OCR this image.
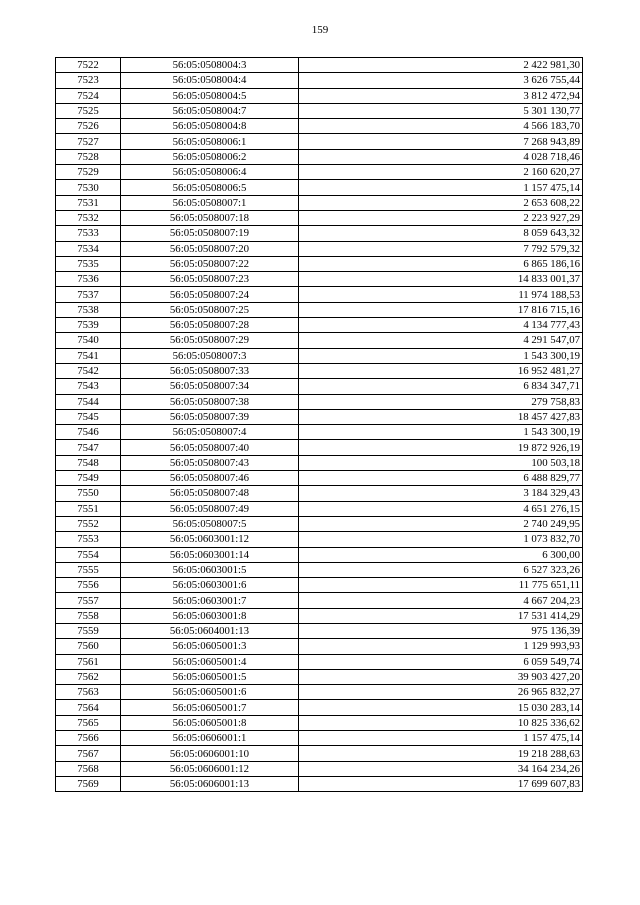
159
7522	56:05:0508004:3	2 422 981,30
7523	56:05:0508004:4	3 626 755,44
7524	56:05:0508004:5	3 812 472,94
7525	56:05:0508004:7	5 301 130,77
7526	56:05:0508004:8	4 566 183,70
7527	56:05:0508006:1	7 268 943,89
7528	56:05:0508006:2	4 028 718,46
7529	56:05:0508006:4	2 160 620,27
7530	56:05:0508006:5	1 157 475,14
7531	56:05:0508007:1	2 653 608,22
7532	56:05:0508007:18	2 223 927,29
7533	56:05:0508007:19	8 059 643,32
7534	56:05:0508007:20	7 792 579,32
7535	56:05:0508007:22	6 865 186,16
7536	56:05:0508007:23	14 833 001,37
7537	56:05:0508007:24	11 974 188,53
7538	56:05:0508007:25	17 816 715,16
7539	56:05:0508007:28	4 134 777,43
7540	56:05:0508007:29	4 291 547,07
7541	56:05:0508007:3	1 543 300,19
7542	56:05:0508007:33	16 952 481,27
7543	56:05:0508007:34	6 834 347,71
7544	56:05:0508007:38	279 758,83
7545	56:05:0508007:39	18 457 427,83
7546	56:05:0508007:4	1 543 300,19
7547	56:05:0508007:40	19 872 926,19
7548	56:05:0508007:43	100 503,18
7549	56:05:0508007:46	6 488 829,77
7550	56:05:0508007:48	3 184 329,43
7551	56:05:0508007:49	4 651 276,15
7552	56:05:0508007:5	2 740 249,95
7553	56:05:0603001:12	1 073 832,70
7554	56:05:0603001:14	6 300,00
7555	56:05:0603001:5	6 527 323,26
7556	56:05:0603001:6	11 775 651,11
7557	56:05:0603001:7	4 667 204,23
7558	56:05:0603001:8	17 531 414,29
7559	56:05:0604001:13	975 136,39
7560	56:05:0605001:3	1 129 993,93
7561	56:05:0605001:4	6 059 549,74
7562	56:05:0605001:5	39 903 427,20
7563	56:05:0605001:6	26 965 832,27
7564	56:05:0605001:7	15 030 283,14
7565	56:05:0605001:8	10 825 336,62
7566	56:05:0606001:1	1 157 475,14
7567	56:05:0606001:10	19 218 288,63
7568	56:05:0606001:12	34 164 234,26
7569	56:05:0606001:13	17 699 607,83
